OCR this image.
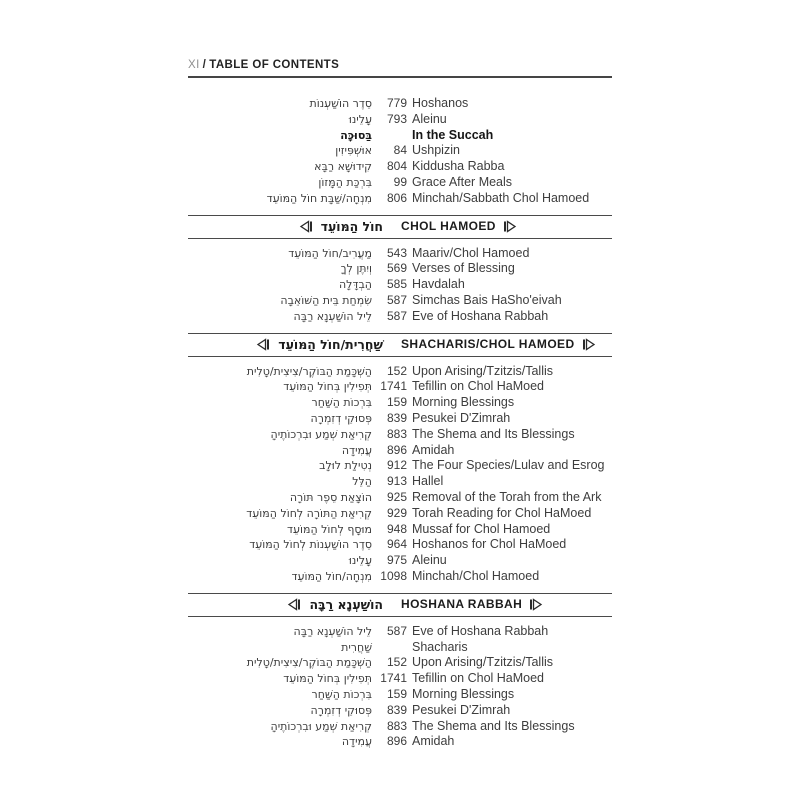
XI / TABLE OF CONTENTS
סֵדֶר הוֹשַׁעְנוֹת	779 Hoshanos
עָלֵינוּ	793 Aleinu
בַּסוּכָּה	In the Succah
אוּשְׁפִּיזִין	84 Ushpizin
קִידוּשָׁא רַבָּא	804 Kiddusha Rabba
בִּרְכַּת הַמָּזוֹן	99 Grace After Meals
מִנְחָה/שַׁבָּת חוֹל הַמּוֹעֵד	806 Minchah/Sabbath Chol Hamoed
חוֹל הַמּוֹעֵד CHOL HAMOED
מַעֲרִיב/חוֹל הַמּוֹעֵד	543 Maariv/Chol Hamoed
וְיִתֶּן לְךָ	569 Verses of Blessing
הַבְדָּלָה	585 Havdalah
שִׂמְחַת בֵּית הַשּׁוֹאֵבָה	587 Simchas Bais HaSho'eivah
לֵיל הוֹשַׁעְנָא רַבָּה	587 Eve of Hoshana Rabbah
שַׁחֲרִית/חוֹל הַמּוֹעֵד SHACHARIS/CHOL HAMOED
הַשְׁכָּמַת הַבּוֹקֶר/צִיצִית/טָלִית	152 Upon Arising/Tzitzis/Tallis
תְּפִילִין בְּחוֹל הַמּוֹעֵד 1741 Tefillin on Chol HaMoed
בִּרְכוֹת הַשַּׁחַר	159 Morning Blessings
פְּסוּקֵי דְזִמְרָה	839 Pesukei D'Zimrah
קְרִיאַת שְׁמַע וּבִרְכוֹתֶיהָ	883 The Shema and Its Blessings
עֲמִידָה	896 Amidah
נְטִילַת לוּלָב	912 The Four Species/Lulav and Esrog
הַלֵּל	913 Hallel
הוֹצָאַת סֵפֶר תּוֹרָה	925 Removal of the Torah from the Ark
קְרִיאַת הַתּוֹרָה לְחוֹל הַמּוֹעֵד	929 Torah Reading for Chol HaMoed
מוּסָף לְחוֹל הַמּוֹעֵד	948 Mussaf for Chol Hamoed
סֵדֶר הוֹשַׁעְנוֹת לְחוֹל הַמּוֹעֵד	964 Hoshanos for Chol HaMoed
עָלֵינוּ	975 Aleinu
מִנְחָה/חוֹל הַמּוֹעֵד 1098 Minchah/Chol Hamoed
הוֹשַׁעְנָא רַבָּה HOSHANA RABBAH
לֵיל הוֹשַׁעְנָא רַבָּה	587 Eve of Hoshana Rabbah
שַׁחֲרִית	Shacharis
הַשְׁכָּמַת הַבּוֹקֶר/צִיצִית/טָלִית	152 Upon Arising/Tzitzis/Tallis
תְּפִילִין בְּחוֹל הַמּוֹעֵד 1741 Tefillin on Chol HaMoed
בִּרְכוֹת הַשַּׁחַר	159 Morning Blessings
פְּסוּקֵי דְזִמְרָה	839 Pesukei D'Zimrah
קְרִיאַת שְׁמַע וּבִרְכוֹתֶיהָ	883 The Shema and Its Blessings
עֲמִידָה	896 Amidah
